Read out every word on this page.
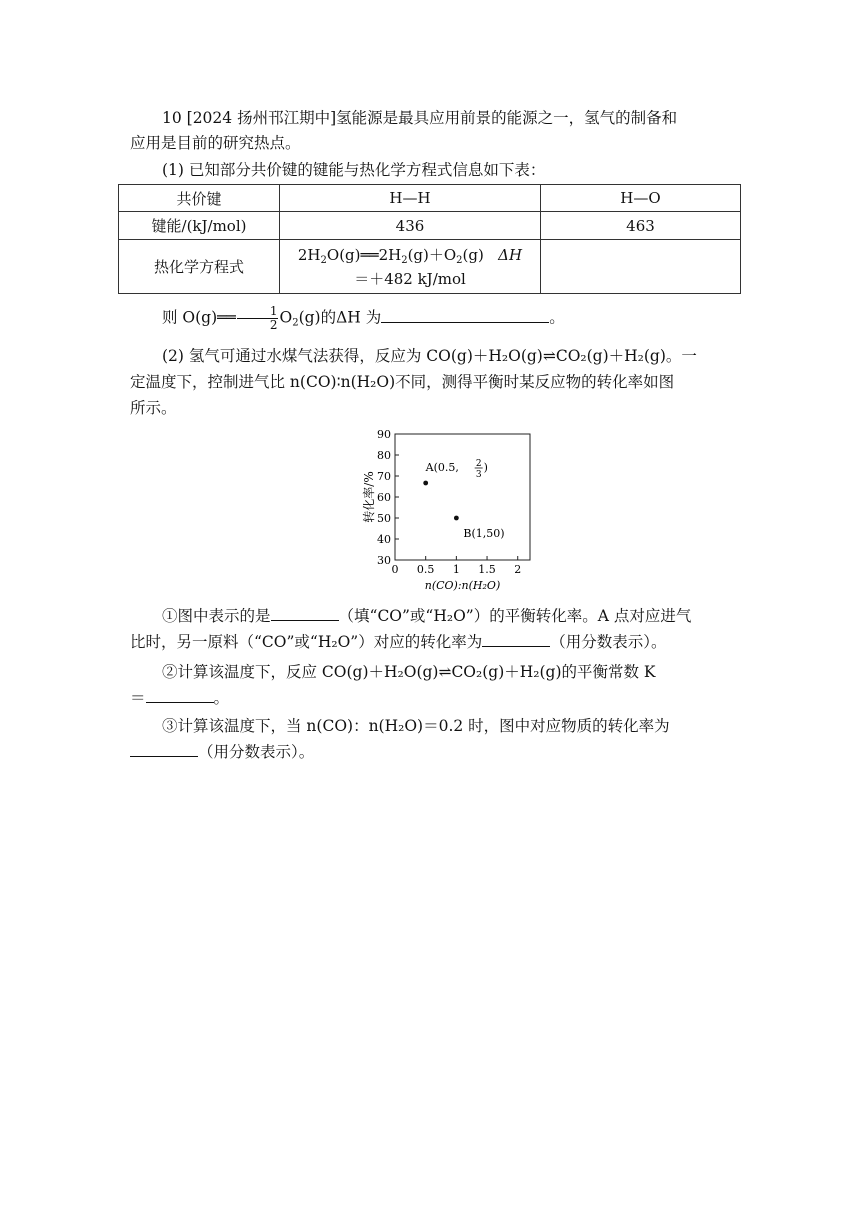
10 [2024 扬州邗江期中]氢能源是最具应用前景的能源之一，氢气的制备和

应用是目前的研究热点。

(1) 已知部分共价键的键能与热化学方程式信息如下表：

共价键	H—H	H—O
键能/(kJ/mol)	436	463
热化学方程式	$2H_2O(g)══2H_2(g)+O_2(g)$ ΔH
＝＋482 kJ/mol	

则 O(g)══ $\frac{1}{2} O_2(g)$的ΔH 为	。

(2) 氢气可通过水煤气法获得，反应为 CO(g)＋H₂O(g)⇌CO₂(g)＋H₂(g)。一

定温度下，控制进气比 n(CO)∶n(H₂O)不同，测得平衡时某反应物的转化率如图

所示。

30
40
50
60
70
80
90
0 0.5 1 1.5 2
转化率/%
n(CO):n(H₂O)
A(0.5, 2
3
)
B(1,50)

①图中表示的是	（填“CO”或“H₂O”）的平衡转化率。A 点对应进气

比时，另一原料（“CO”或“H₂O”）对应的转化率为	（用分数表示）。

②计算该温度下，反应 CO(g)＋H₂O(g)⇌CO₂(g)＋H₂(g)的平衡常数 K

＝	。

③计算该温度下，当 n(CO)：n(H₂O)＝0.2 时，图中对应物质的转化率为

（用分数表示）。
